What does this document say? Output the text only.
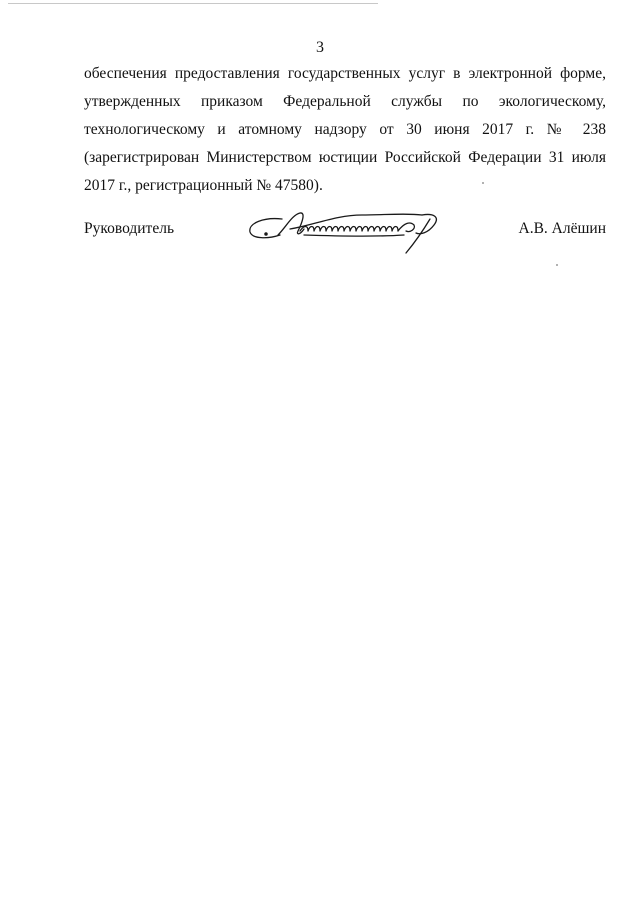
3

обеспечения предоставления государственных услуг в электронной форме,
утвержденных приказом Федеральной службы по экологическому,
технологическому и атомному надзору от 30 июня 2017 г. № 238
(зарегистрирован Министерством юстиции Российской Федерации 31 июля
2017 г., регистрационный № 47580).

Руководитель	А.В. Алёшин
